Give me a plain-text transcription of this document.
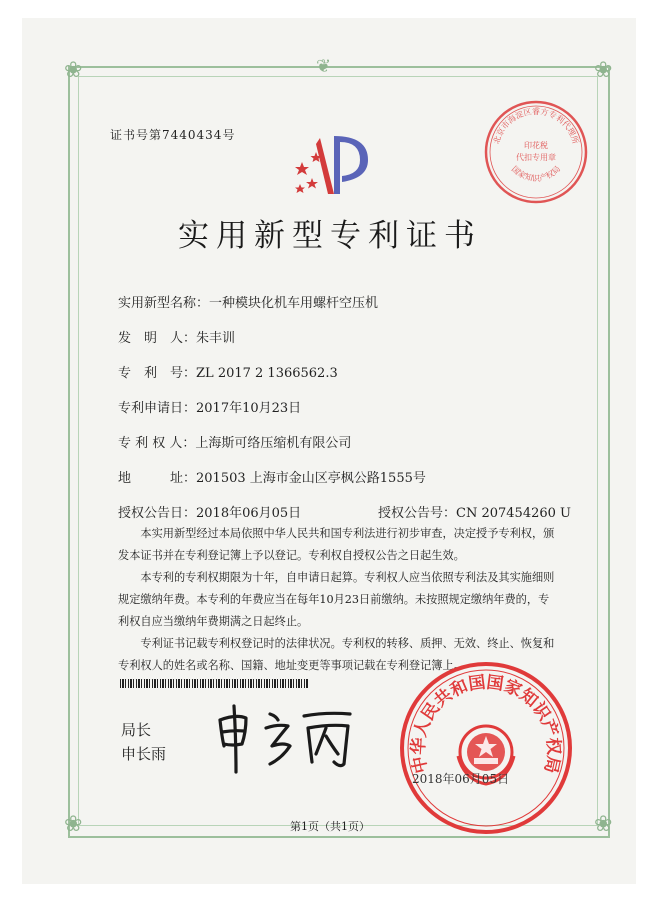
❀	❀
❀	❀
❦
证书号第7440434号	北京市海淀区睿方专利代理所
印花税
代扣专用章
国家知识产权局
实用新型专利证书
实用新型名称：一种模块化机车用螺杆空压机
发　明　人：朱丰训
专　利　号：ZL 2017 2 1366562.3
专利申请日：2017年10月23日
专 利 权 人：上海斯可络压缩机有限公司
地　　　址：201503 上海市金山区亭枫公路1555号
授权公告日：2018年06月05日	授权公告号：CN 207454260 U

本实用新型经过本局依照中华人民共和国专利法进行初步审查，决定授予专利权，颁发本证书并在专利登记簿上予以登记。专利权自授权公告之日起生效。

本专利的专利权期限为十年，自申请日起算。专利权人应当依照专利法及其实施细则规定缴纳年费。本专利的年费应当在每年10月23日前缴纳。未按照规定缴纳年费的，专利权自应当缴纳年费期满之日起终止。

专利证书记载专利权登记时的法律状况。专利权的转移、质押、无效、终止、恢复和专利权人的姓名或名称、国籍、地址变更等事项记载在专利登记簿上。

局长
申长雨
中华人民共和国国家知识产权局
2018年06月05日
第1页（共1页）
